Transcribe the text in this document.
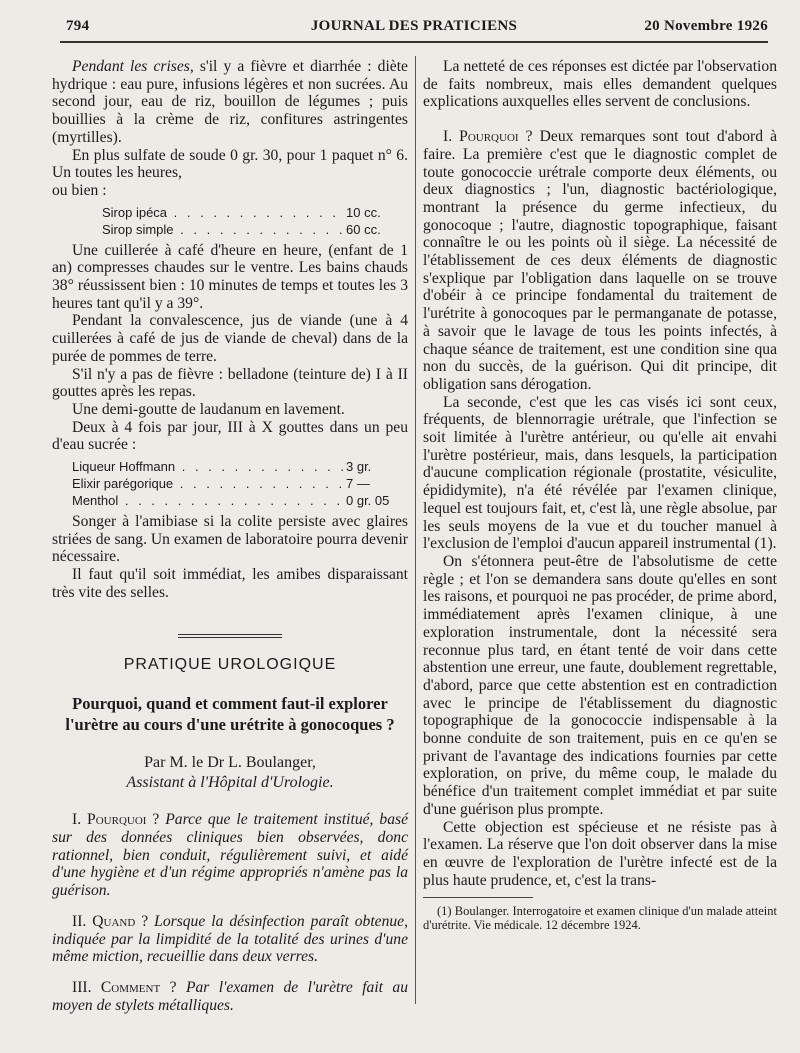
794	JOURNAL DES PRATICIENS	20 Novembre 1926

Pendant les crises, s'il y a fièvre et diarrhée : diète hydrique : eau pure, infusions légères et non sucrées. Au second jour, eau de riz, bouillon de légumes ; puis bouillies à la crème de riz, confitures astringentes (myrtilles).

En plus sulfate de soude 0 gr. 30, pour 1 paquet n° 6. Un toutes les heures,

ou bien :

Sirop ipéca . . .	10 cc.
Sirop simple . . .	60 cc.

Une cuillerée à café d'heure en heure, (enfant de 1 an) compresses chaudes sur le ventre. Les bains chauds 38° réussissent bien : 10 minutes de temps et toutes les 3 heures tant qu'il y a 39°.

Pendant la convalescence, jus de viande (une à 4 cuillerées à café de jus de viande de cheval) dans de la purée de pommes de terre.

S'il n'y a pas de fièvre : belladone (teinture de) I à II gouttes après les repas.

Une demi-goutte de laudanum en lavement.

Deux à 4 fois par jour, III à X gouttes dans un peu d'eau sucrée :

Liqueur Hoffmann . . .	3 gr.
Elixir parégorique . . .	7 —
Menthol . . .	0 gr. 05

Songer à l'amibiase si la colite persiste avec glaires striées de sang. Un examen de laboratoire pourra devenir nécessaire.

Il faut qu'il soit immédiat, les amibes disparaissant très vite des selles.

PRATIQUE UROLOGIQUE
Pourquoi, quand et comment faut-il explorer l'urètre au cours d'une urétrite à gonocoques ?
Par M. le Dr L. Boulanger,
Assistant à l'Hôpital d'Urologie.

I. Pourquoi ? Parce que le traitement institué, basé sur des données cliniques bien observées, donc rationnel, bien conduit, régulièrement suivi, et aidé d'une hygiène et d'un régime appropriés n'amène pas la guérison.

II. Quand ? Lorsque la désinfection paraît obtenue, indiquée par la limpidité de la totalité des urines d'une même miction, recueillie dans deux verres.

III. Comment ? Par l'examen de l'urètre fait au moyen de stylets métalliques.

La netteté de ces réponses est dictée par l'observation de faits nombreux, mais elles demandent quelques explications auxquelles elles servent de conclusions.

I. Pourquoi ? Deux remarques sont tout d'abord à faire. La première c'est que le diagnostic complet de toute gonococcie urétrale comporte deux éléments, ou deux diagnostics ; l'un, diagnostic bactériologique, montrant la présence du germe infectieux, du gonocoque ; l'autre, diagnostic topographique, faisant connaître le ou les points où il siège. La nécessité de l'établissement de ces deux éléments de diagnostic s'explique par l'obligation dans laquelle on se trouve d'obéir à ce principe fondamental du traitement de l'urétrite à gonocoques par le permanganate de potasse, à savoir que le lavage de tous les points infectés, à chaque séance de traitement, est une condition sine qua non du succès, de la guérison. Qui dit principe, dit obligation sans dérogation.

La seconde, c'est que les cas visés ici sont ceux, fréquents, de blennorragie urétrale, que l'infection se soit limitée à l'urètre antérieur, ou qu'elle ait envahi l'urètre postérieur, mais, dans lesquels, la participation d'aucune complication régionale (prostatite, vésiculite, épididymite), n'a été révélée par l'examen clinique, lequel est toujours fait, et, c'est là, une règle absolue, par les seuls moyens de la vue et du toucher manuel à l'exclusion de l'emploi d'aucun appareil instrumental (1).

On s'étonnera peut-être de l'absolutisme de cette règle ; et l'on se demandera sans doute qu'elles en sont les raisons, et pourquoi ne pas procéder, de prime abord, immédiatement après l'examen clinique, à une exploration instrumentale, dont la nécessité sera reconnue plus tard, en étant tenté de voir dans cette abstention une erreur, une faute, doublement regrettable, d'abord, parce que cette abstention est en contradiction avec le principe de l'établissement du diagnostic topographique de la gonococcie indispensable à la bonne conduite de son traitement, puis en ce qu'en se privant de l'avantage des indications fournies par cette exploration, on prive, du même coup, le malade du bénéfice d'un traitement complet immédiat et par suite d'une guérison plus prompte.

Cette objection est spécieuse et ne résiste pas à l'examen. La réserve que l'on doit observer dans la mise en œuvre de l'exploration de l'urètre infecté est de la plus haute prudence, et, c'est la trans-

(1) Boulanger. Interrogatoire et examen clinique d'un malade atteint d'urétrite. Vie médicale. 12 décembre 1924.
